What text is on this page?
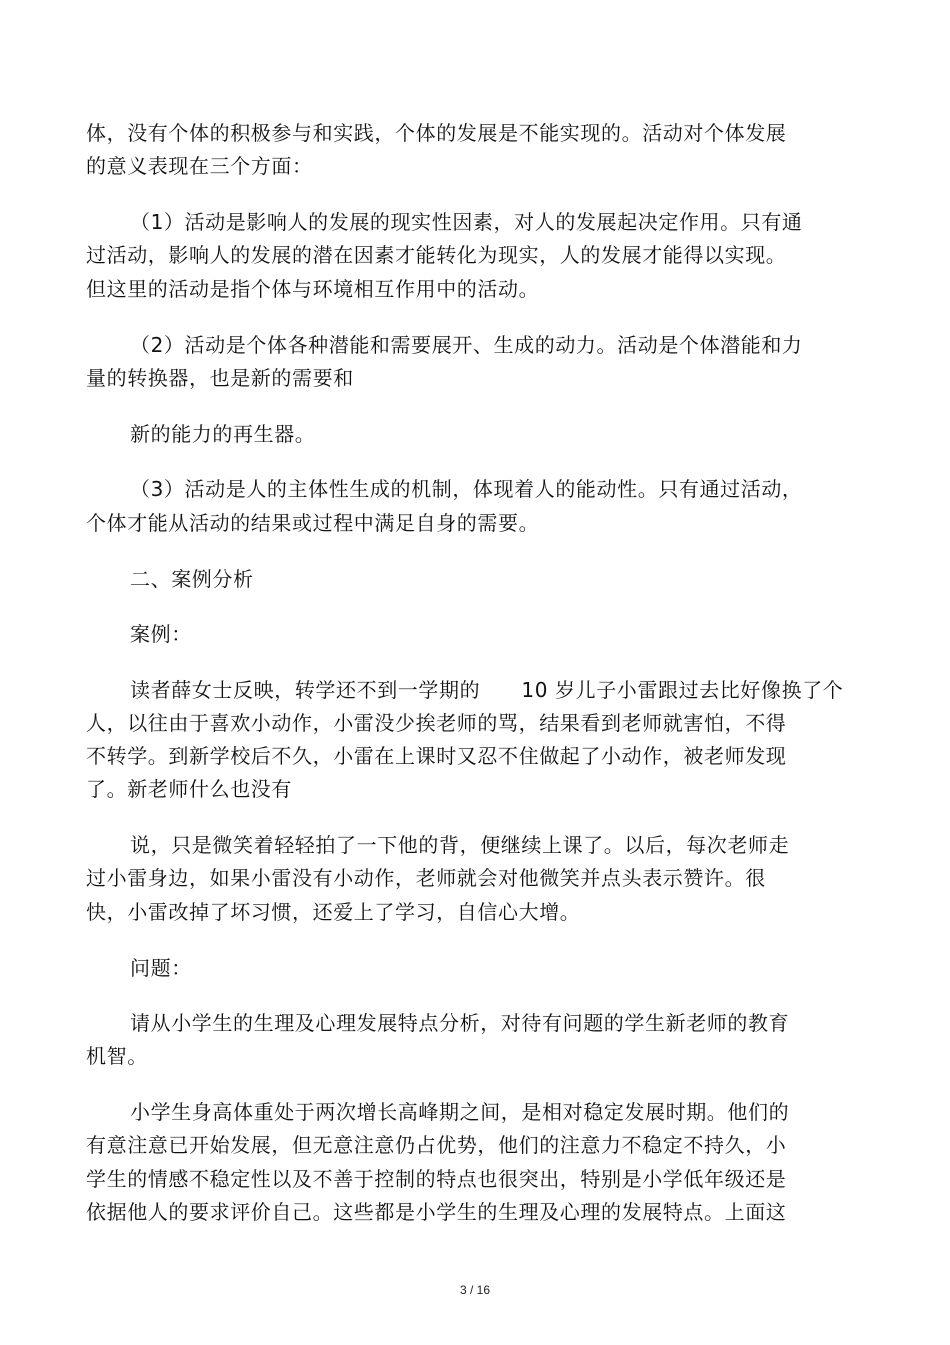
体，没有个体的积极参与和实践，个体的发展是不能实现的。活动对个体发展
的意义表现在三个方面：
（1）活动是影响人的发展的现实性因素，对人的发展起决定作用。只有通
过活动，影响人的发展的潜在因素才能转化为现实，人的发展才能得以实现。
但这里的活动是指个体与环境相互作用中的活动。
（2）活动是个体各种潜能和需要展开、生成的动力。活动是个体潜能和力
量的转换器，也是新的需要和
新的能力的再生器。
（3）活动是人的主体性生成的机制，体现着人的能动性。只有通过活动，
个体才能从活动的结果或过程中满足自身的需要。
二、案例分析
案例：
读者薛女士反映，转学还不到一学期的　　10 岁儿子小雷跟过去比好像换了个
人，以往由于喜欢小动作，小雷没少挨老师的骂，结果看到老师就害怕，不得
不转学。到新学校后不久，小雷在上课时又忍不住做起了小动作，被老师发现
了。新老师什么也没有
说，只是微笑着轻轻拍了一下他的背，便继续上课了。以后，每次老师走
过小雷身边，如果小雷没有小动作，老师就会对他微笑并点头表示赞许。很
快，小雷改掉了坏习惯，还爱上了学习，自信心大增。
问题：
请从小学生的生理及心理发展特点分析，对待有问题的学生新老师的教育
机智。
小学生身高体重处于两次增长高峰期之间，是相对稳定发展时期。他们的
有意注意已开始发展，但无意注意仍占优势，他们的注意力不稳定不持久，小
学生的情感不稳定性以及不善于控制的特点也很突出，特别是小学低年级还是
依据他人的要求评价自己。这些都是小学生的生理及心理的发展特点。上面这
3 / 16
